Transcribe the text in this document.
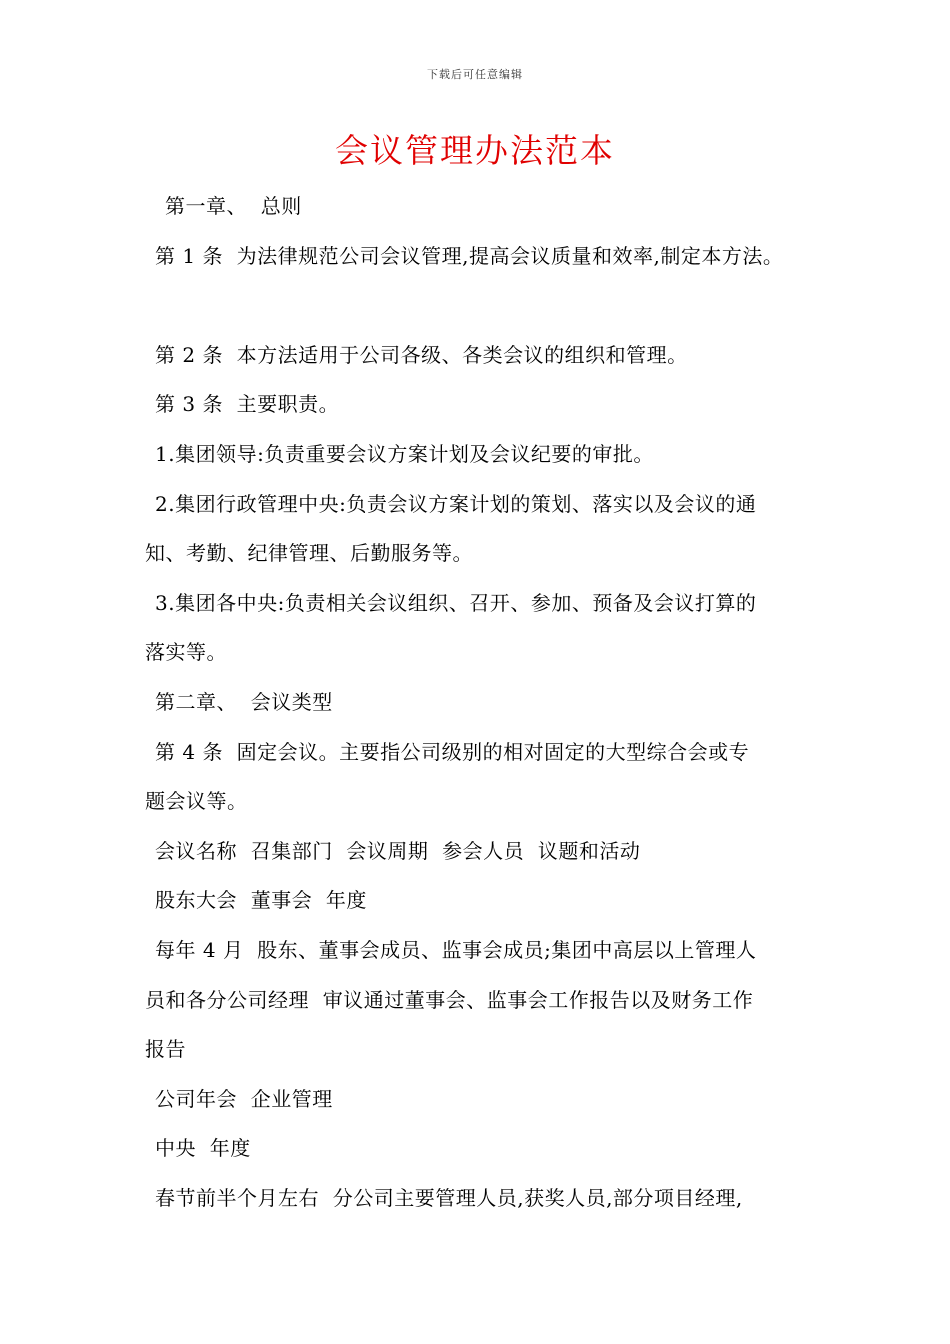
下载后可任意编辑
会议管理办法范本

第一章、  总则

第 1 条  为法律规范公司会议管理,提高会议质量和效率,制定本方法。

第 2 条  本方法适用于公司各级、各类会议的组织和管理。

第 3 条  主要职责。

1.集团领导:负责重要会议方案计划及会议纪要的审批。

2.集团行政管理中央:负责会议方案计划的策划、落实以及会议的通

知、考勤、纪律管理、后勤服务等。

3.集团各中央:负责相关会议组织、召开、参加、预备及会议打算的

落实等。

第二章、  会议类型

第 4 条  固定会议。主要指公司级别的相对固定的大型综合会或专

题会议等。

会议名称  召集部门  会议周期  参会人员  议题和活动

股东大会  董事会  年度

每年 4 月  股东、董事会成员、监事会成员;集团中高层以上管理人

员和各分公司经理  审议通过董事会、监事会工作报告以及财务工作

报告

公司年会  企业管理

中央  年度

春节前半个月左右  分公司主要管理人员,获奖人员,部分项目经理,
